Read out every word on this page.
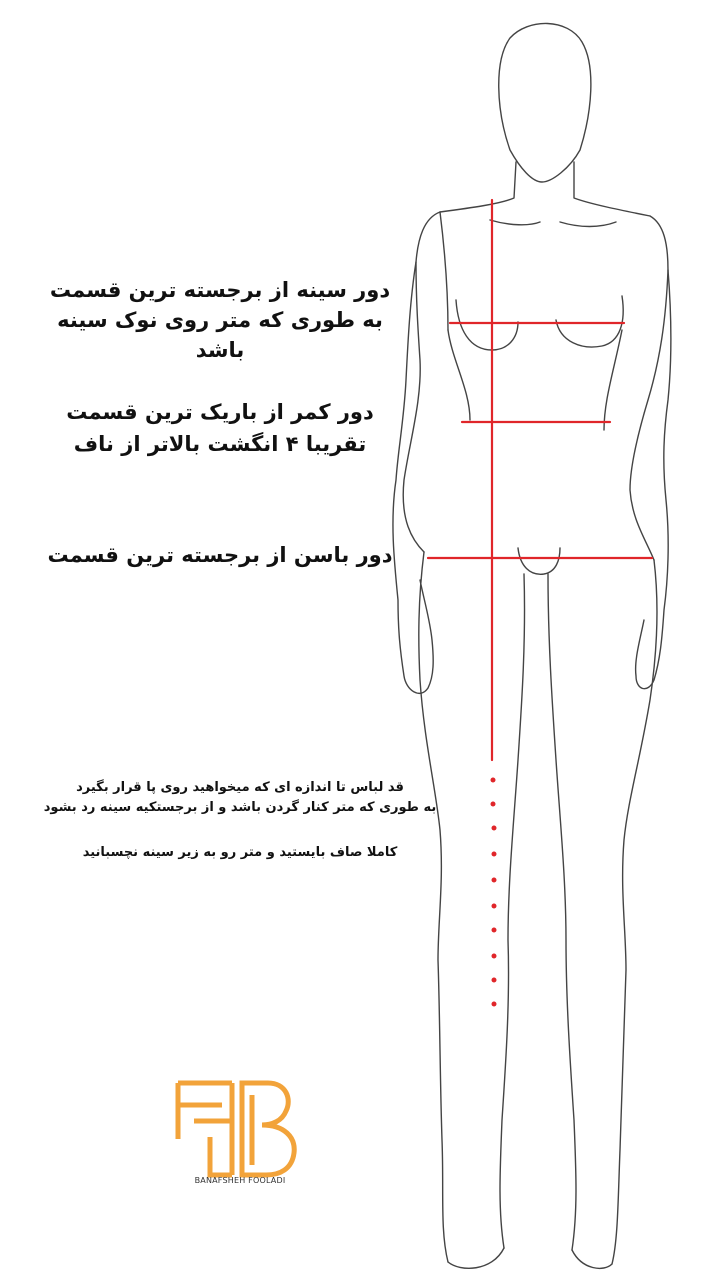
دور سینه از برجسته ترین قسمت به طوری که متر روی نوک سینه باشد
دور کمر از باریک ترین قسمت
تقریبا ۴ انگشت بالاتر از ناف
دور باسن از برجسته ترین قسمت
قد لباس تا اندازه ای که میخواهید روی پا قرار بگیرد
به طوری که متر کنار گردن باشد و از برجستکیه سینه رد بشود
کاملا صاف بایستید و متر رو به زیر سینه نچسبانید
BANAFSHEH FOOLADI
